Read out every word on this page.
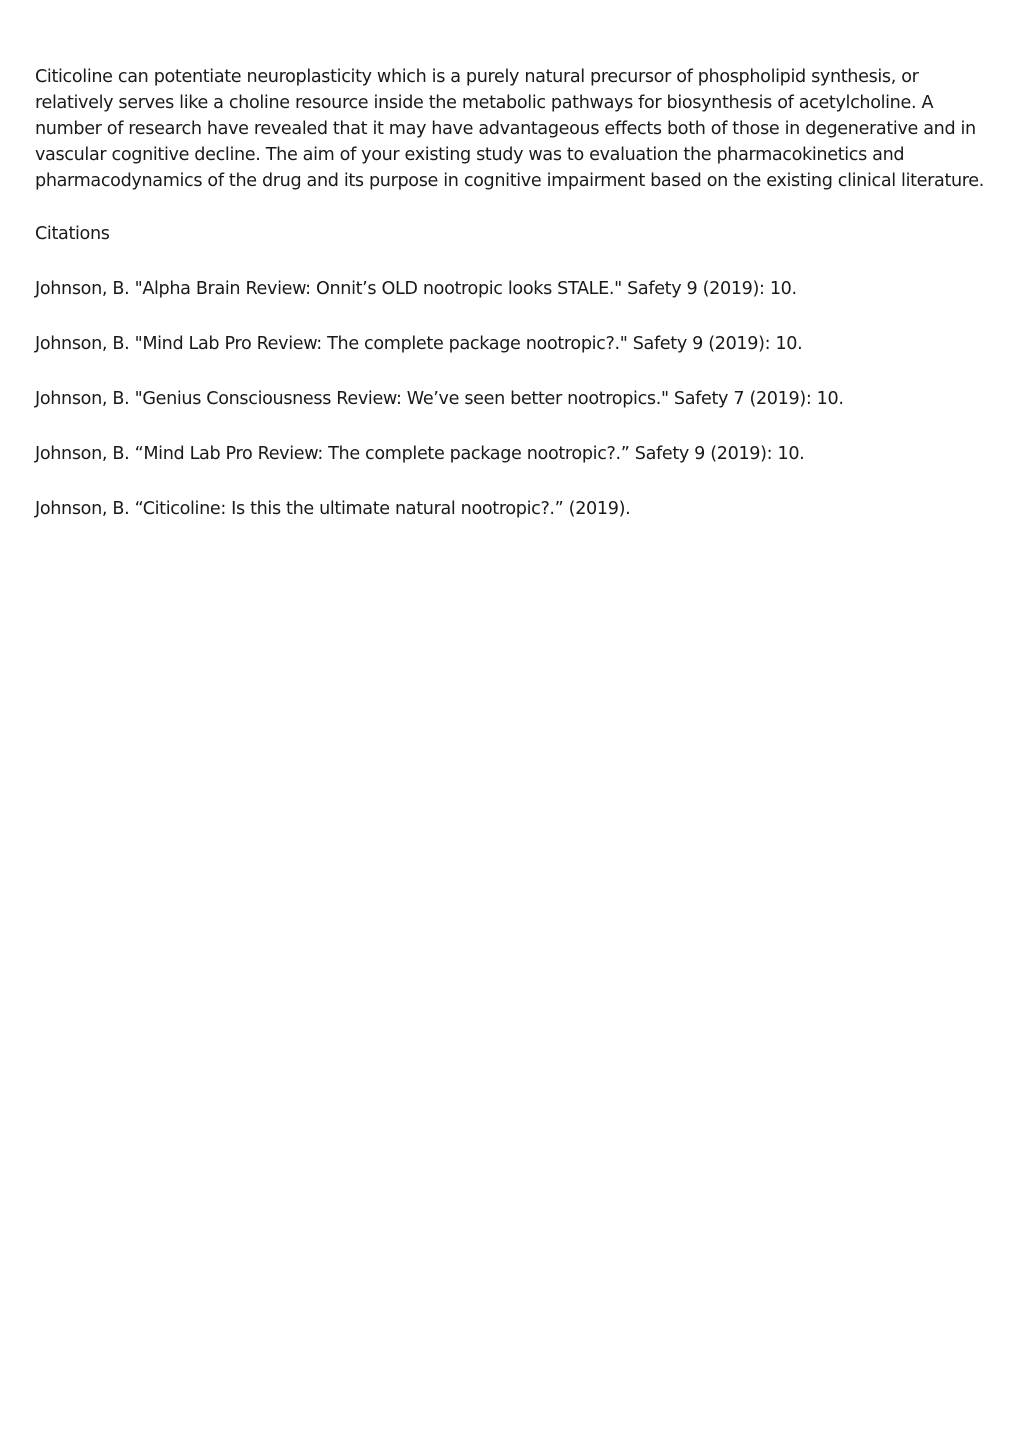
Citicoline can potentiate neuroplasticity which is a purely natural precursor of phospholipid synthesis, or relatively serves like a choline resource inside the metabolic pathways for biosynthesis of acetylcholine. A number of research have revealed that it may have advantageous effects both of those in degenerative and in vascular cognitive decline. The aim of your existing study was to evaluation the pharmacokinetics and pharmacodynamics of the drug and its purpose in cognitive impairment based on the existing clinical literature.

Citations

Johnson, B. "Alpha Brain Review: Onnit’s OLD nootropic looks STALE." Safety 9 (2019): 10.

Johnson, B. "Mind Lab Pro Review: The complete package nootropic?." Safety 9 (2019): 10.

Johnson, B. "Genius Consciousness Review: We’ve seen better nootropics." Safety 7 (2019): 10.

Johnson, B. “Mind Lab Pro Review: The complete package nootropic?.” Safety 9 (2019): 10.

Johnson, B. “Citicoline: Is this the ultimate natural nootropic?.” (2019).
